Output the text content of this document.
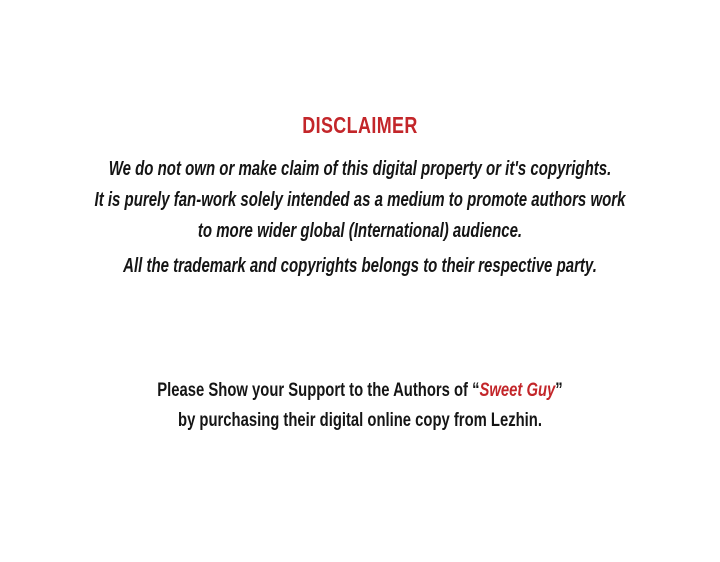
DISCLAIMER
We do not own or make claim of this digital property or it's copyrights.
It is purely fan-work solely intended as a medium to promote authors work
to more wider global (International) audience.
All the trademark and copyrights belongs to their respective party.
Please Show your Support to the Authors of “Sweet Guy”
by purchasing their digital online copy from Lezhin.
